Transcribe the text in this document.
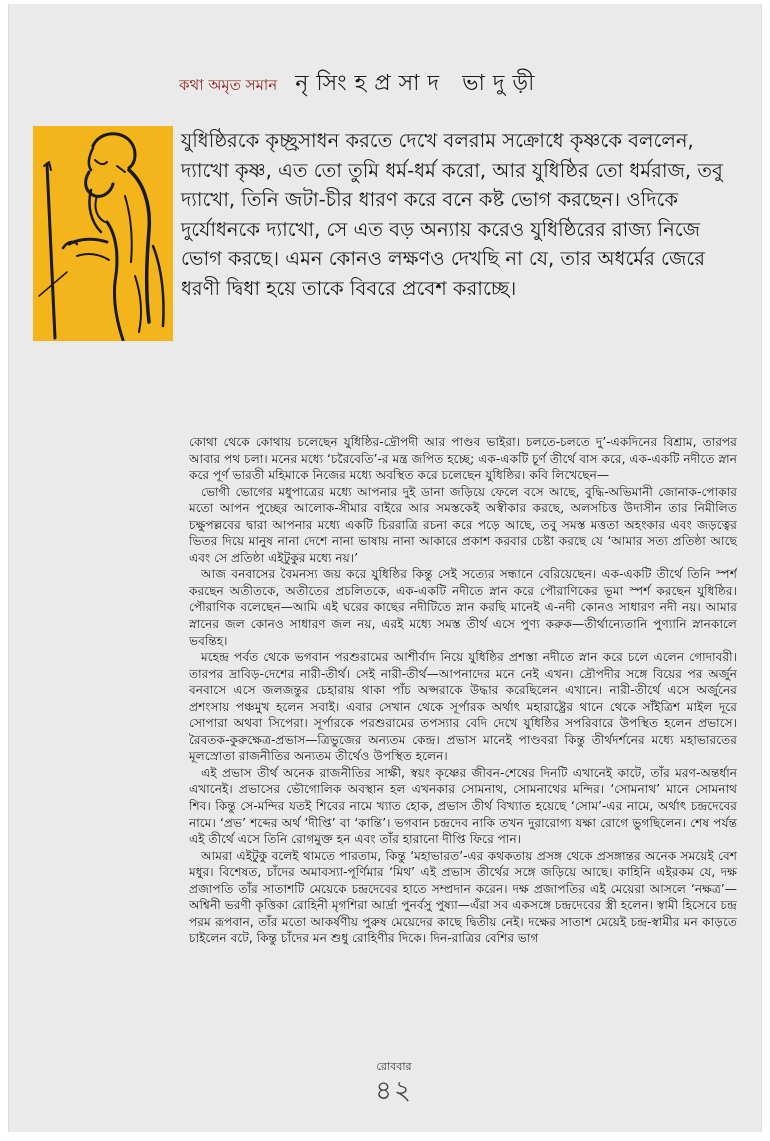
কথা অমৃত সমান নৃসিংহপ্রসাদ ভাদুড়ী

যুধিষ্ঠিরকে কৃচ্ছ্রসাধন করতে দেখে বলরাম সক্রোধে কৃষ্ণকে বললেন, দ্যাখো কৃষ্ণ, এত তো তুমি ধর্ম-ধর্ম করো, আর যুধিষ্ঠির তো ধর্মরাজ, তবু দ্যাখো, তিনি জটা-চীর ধারণ করে বনে কষ্ট ভোগ করছেন। ওদিকে দুর্যোধনকে দ্যাখো, সে এত বড় অন্যায় করেও যুধিষ্ঠিরের রাজ্য নিজে ভোগ করছে। এমন কোনও লক্ষণও দেখছি না যে, তার অধর্মের জেরে ধরণী দ্বিধা হয়ে তাকে বিবরে প্রবেশ করাচ্ছে।

কোথা থেকে কোথায় চলেছেন যুধিষ্ঠির-দ্রৌপদী আর পাণ্ডব ভাইরা। চলতে-চলতে দু’-একদিনের বিশ্রাম, তারপর আবার পথ চলা। মনের মধ্যে ‘চরৈবেতি’-র মন্ত্র জপিত হচ্ছে; এক-একটি চূর্ণ তীর্থে বাস করে, এক-একটি নদীতে স্নান করে পূর্ণ ভারতী মহিমাকে নিজের মধ্যে অবস্থিত করে চলেছেন যুধিষ্ঠির। কবি লিখেছেন—

ভোগী ভোগের মধুপাত্রের মধ্যে আপনার দুই ডানা জড়িয়ে ফেলে বসে আছে, বুদ্ধি-অভিমানী জোনাক-পোকার মতো আপন পুচ্ছের আলোক-সীমার বাইরে আর সমস্তকেই অস্বীকার করছে, অলসচিত্ত উদাসীন তার নিমীলিত চক্ষুপল্লবের দ্বারা আপনার মধ্যে একটি চিররাত্রি রচনা করে পড়ে আছে, তবু সমস্ত মত্ততা অহংকার এবং জড়ত্বের ভিতর দিয়ে মানুষ নানা দেশে নানা ভাষায় নানা আকারে প্রকাশ করবার চেষ্টা করছে যে ‘আমার সত্য প্রতিষ্ঠা আছে এবং সে প্রতিষ্ঠা এইটুকুর মধ্যে নয়।’

আজ বনবাসের বৈমনস্য জয় করে যুধিষ্ঠির কিন্তু সেই সত্যের সন্ধানে বেরিয়েছেন। এক-একটি তীর্থে তিনি স্পর্শ করছেন অতীতকে, অতীতের প্রচলিতকে, এক-একটি নদীতে স্নান করে পৌরাণিকের ভূমা স্পর্শ করছেন যুধিষ্ঠির। পৌরাণিক বলেছেন—আমি এই ঘরের কাছের নদীটিতে স্নান করছি মানেই এ-নদী কোনও সাধারণ নদী নয়। আমার স্নানের জল কোনও সাধারণ জল নয়, এরই মধ্যে সমস্ত তীর্থ এসে পুণ্য করুক—তীর্থান্যেতানি পুণ্যানি স্নানকালে ভবন্তিহ।

মহেন্দ্র পর্বত থেকে ভগবান পরশুরামের আশীর্বাদ নিয়ে যুধিষ্ঠির প্রশস্তা নদীতে স্নান করে চলে এলেন গোদাবরী। তারপর দ্রাবিড়-দেশের নারী-তীর্থ। সেই নারী-তীর্থ—আপনাদের মনে নেই এখন। দ্রৌপদীর সঙ্গে বিয়ের পর অর্জুন বনবাসে এসে জলজন্তুর চেহারায় থাকা পাঁচ অপ্সরাকে উদ্ধার করেছিলেন এখানে। নারী-তীর্থে এসে অর্জুনের প্রশংসায় পঞ্চমুখ হলেন সবাই। এবার সেখান থেকে সূর্পারক অর্থাৎ মহারাষ্ট্রের থানে থেকে সাঁইত্রিশ মাইল দূরে সোপারা অথবা সিপেরা। সূর্পারকে পরশুরামের তপস্যার বেদি দেখে যুধিষ্ঠির সপরিবারে উপস্থিত হলেন প্রভাসে। রৈবতক-কুরুক্ষেত্র-প্রভাস—ত্রিভুজের অন্যতম কেন্দ্র। প্রভাস মানেই পাণ্ডবরা কিন্তু তীর্থদর্শনের মধ্যে মহাভারতের মূলস্রোতা রাজনীতির অন্যতম তীর্থেও উপস্থিত হলেন।

এই প্রভাস তীর্থ অনেক রাজনীতির সাক্ষী, স্বয়ং কৃষ্ণের জীবন-শেষের দিনটি এখানেই কাটে, তাঁর মরণ-অন্তর্ধান এখানেই। প্রভাসের ভৌগোলিক অবস্থান হল এখনকার সোমনাথ, সোমনাথের মন্দির। ‘সোমনাথ’ মানে সোমনাথ শিব। কিন্তু সে-মন্দির যতই শিবের নামে খ্যাত হোক, প্রভাস তীর্থ বিখ্যাত হয়েছে ‘সোম’-এর নামে, অর্থাৎ চন্দ্রদেবের নামে। ‘প্রভ’ শব্দের অর্থ ‘দীপ্তি’ বা ‘কান্তি’। ভগবান চন্দ্রদেব নাকি তখন দুরারোগ্য যক্ষা রোগে ভুগছিলেন। শেষ পর্যন্ত এই তীর্থে এসে তিনি রোগমুক্ত হন এবং তাঁর হারানো দীপ্তি ফিরে পান।

আমরা এইটুকু বলেই থামতে পারতাম, কিন্তু ‘মহাভারত’-এর কথকতায় প্রসঙ্গ থেকে প্রসঙ্গান্তর অনেক সময়েই বেশ মধুর। বিশেষত, চাঁদের অমাবস্যা-পূর্ণিমার ‘মিথ’ এই প্রভাস তীর্থের সঙ্গে জড়িয়ে আছে। কাহিনি এইরকম যে, দক্ষ প্রজাপতি তাঁর সাতাশটি মেয়েকে চন্দ্রদেবের হাতে সম্প্রদান করেন। দক্ষ প্রজাপতির এই মেয়েরা আসলে ‘নক্ষত্র’—অশ্বিনী ভরণী কৃত্তিকা রোহিনী মৃগশিরা আর্দ্রা পুনর্বসু পুষ্যা—এঁরা সব একসঙ্গে চন্দ্রদেবের স্ত্রী হলেন। স্বামী হিসেবে চন্দ্র পরম রূপবান, তাঁর মতো আকর্ষণীয় পুরুষ মেয়েদের কাছে দ্বিতীয় নেই। দক্ষের সাতাশ মেয়েই চন্দ্র-স্বামীর মন কাড়তে চাইলেন বটে, কিন্তু চাঁদের মন শুধু রোহিণীর দিকে। দিন-রাত্রির বেশির ভাগ

রোববার
৪২
